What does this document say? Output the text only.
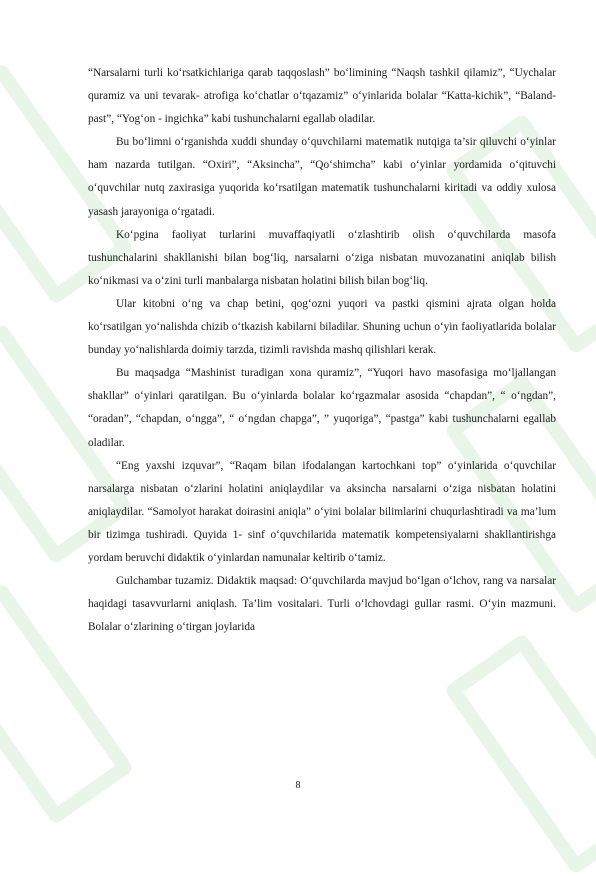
“Narsalarni turli ko‘rsatkichlariga qarab taqqoslash” bo‘limining “Naqsh tashkil qilamiz”, “Uychalar quramiz va uni tevarak- atrofiga ko‘chatlar o‘tqazamiz” o‘yinlarida bolalar “Katta-kichik”, “Baland-past”, “Yog‘on - ingichka” kabi tushunchalarni egallab oladilar.

Bu bo‘limni o‘rganishda xuddi shunday o‘quvchilarni matematik nutqiga ta’sir qiluvchi o‘yinlar ham nazarda tutilgan. “Oxiri”, “Aksincha”, “Qo‘shimcha” kabi o‘yinlar yordamida o‘qituvchi o‘quvchilar nutq zaxirasiga yuqorida ko‘rsatilgan matematik tushunchalarni kiritadi va oddiy xulosa yasash jarayoniga o‘rgatadi.

Ko‘pgina faoliyat turlarini muvaffaqiyatli o‘zlashtirib olish o‘quvchilarda masofa tushunchalarini shakllanishi bilan bog‘liq, narsalarni o‘ziga nisbatan muvozanatini aniqlab bilish ko‘nikmasi va o‘zini turli manbalarga nisbatan holatini bilish bilan bog‘liq.

Ular kitobni o‘ng va chap betini, qog‘ozni yuqori va pastki qismini ajrata olgan holda ko‘rsatilgan yo‘nalishda chizib o‘tkazish kabilarni biladilar. Shuning uchun o‘yin faoliyatlarida bolalar bunday yo‘nalishlarda doimiy tarzda, tizimli ravishda mashq qilishlari kerak.

Bu maqsadga “Mashinist turadigan xona quramiz”, “Yuqori havo masofasiga mo‘ljallangan shakllar” o‘yinlari qaratilgan. Bu o‘yinlarda bolalar ko‘rgazmalar asosida “chapdan”, “ o‘ngdan”, “oradan”, “chapdan, o‘ngga”, “ o‘ngdan chapga”, ” yuqoriga”, “pastga” kabi tushunchalarni egallab oladilar.

“Eng yaxshi izquvar”, “Raqam bilan ifodalangan kartochkani top” o‘yinlarida o‘quvchilar narsalarga nisbatan o‘zlarini holatini aniqlaydilar va aksincha narsalarni o‘ziga nisbatan holatini aniqlaydilar. “Samolyot harakat doirasini aniqla” o‘yini bolalar bilimlarini chuqurlashtiradi va ma’lum bir tizimga tushiradi. Quyida 1- sinf o‘quvchilarida matematik kompetensiyalarni shakllantirishga yordam beruvchi didaktik o‘yinlardan namunalar keltirib o‘tamiz.

Gulchambar tuzamiz. Didaktik maqsad: O‘quvchilarda mavjud bo‘lgan o‘lchov, rang va narsalar haqidagi tasavvurlarni aniqlash. Ta’lim vositalari. Turli o‘lchovdagi gullar rasmi. O‘yin mazmuni. Bolalar o‘zlarining o‘tirgan joylarida

8
